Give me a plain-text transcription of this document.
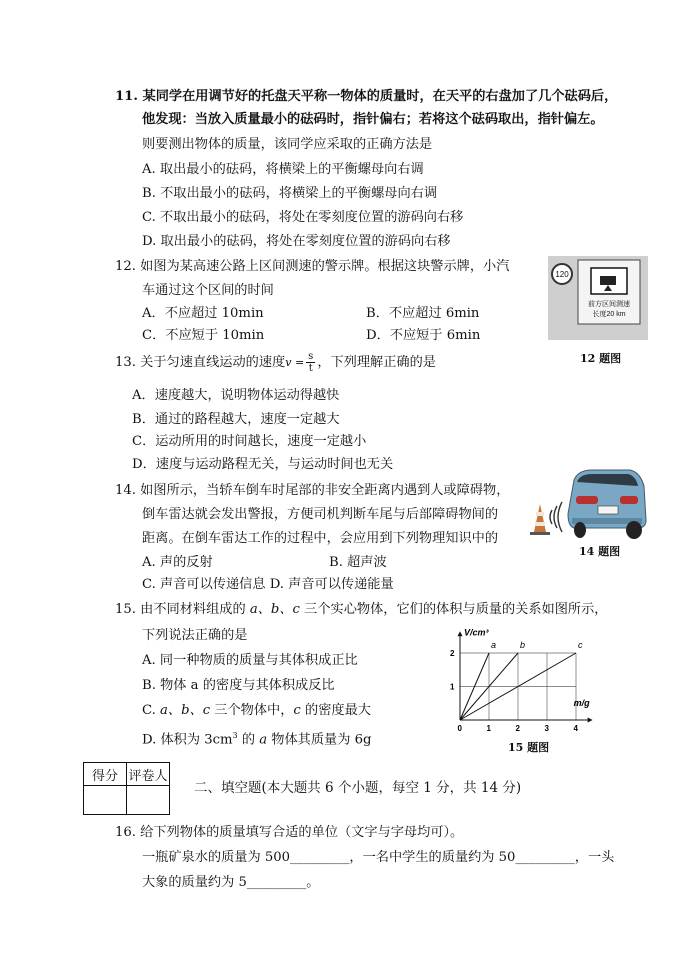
11. 某同学在用调节好的托盘天平称一物体的质量时，在天平的右盘加了几个砝码后，
他发现：当放入质量最小的砝码时，指针偏右；若将这个砝码取出，指针偏左。
则要测出物体的质量，该同学应采取的正确方法是
A. 取出最小的砝码，将横梁上的平衡螺母向右调
B. 不取出最小的砝码，将横梁上的平衡螺母向右调
C. 不取出最小的砝码，将处在零刻度位置的游码向右移
D. 取出最小的砝码，将处在零刻度位置的游码向右移
12. 如图为某高速公路上区间测速的警示牌。根据这块警示牌，小汽
车通过这个区间的时间
A．不应超过 10min	B．不应超过 6min
C．不应短于 10min	D．不应短于 6min
120
前方区间测速
长度20 km
12 题图
13. 关于匀速直线运动的速度$v = \frac{s}{t}$ ，下列理解正确的是
A．速度越大，说明物体运动得越快
B．通过的路程越大，速度一定越大
C．运动所用的时间越长，速度一定越小
D．速度与运动路程无关，与运动时间也无关
14. 如图所示，当轿车倒车时尾部的非安全距离内遇到人或障碍物，
倒车雷达就会发出警报，方便司机判断车尾与后部障碍物间的
距离。在倒车雷达工作的过程中，会应用到下列物理知识中的
A. 声的反射	B. 超声波
C. 声音可以传递信息 D. 声音可以传递能量
14 题图
15. 由不同材料组成的 a、b、c 三个实心物体，它们的体积与质量的关系如图所示，
下列说法正确的是
A. 同一种物质的质量与其体积成正比
B. 物体 a 的密度与其体积成反比
C. a、b、c 三个物体中，c 的密度最大
D. 体积为 $3cm^3$ 的 a 物体其质量为 6g
V/cm³
m/g
1
2
0	1	2	3	4
a	b	c
15 题图
得分	评卷人

二、填空题(本大题共 6 个小题，每空 1 分，共 14 分)
16. 给下列物体的质量填写合适的单位（文字与字母均可）。
一瓶矿泉水的质量为 500_________，一名中学生的质量约为 50_________，一头
大象的质量约为 5_________。
